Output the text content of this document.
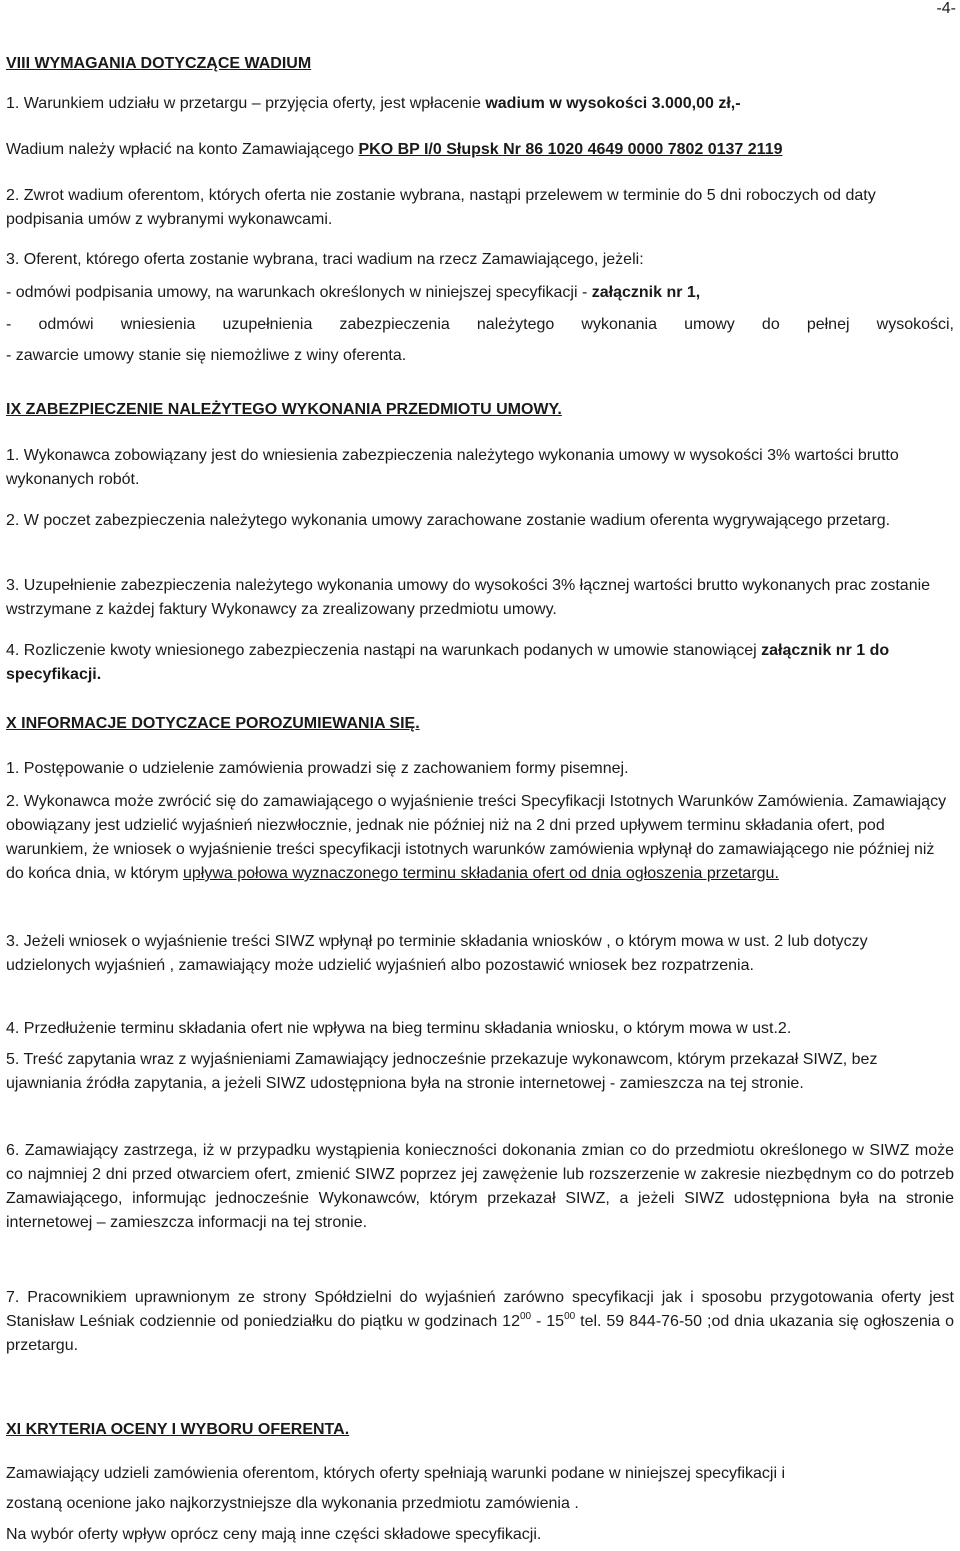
-4-
VIII WYMAGANIA DOTYCZĄCE WADIUM
1. Warunkiem udziału w przetargu – przyjęcia oferty, jest wpłacenie wadium w wysokości 3.000,00 zł,-
Wadium należy wpłacić na konto Zamawiającego PKO BP I/0 Słupsk Nr 86 1020 4649 0000 7802 0137 2119
2. Zwrot wadium oferentom, których oferta nie zostanie wybrana, nastąpi przelewem w terminie do 5 dni roboczych od daty podpisania umów z wybranymi wykonawcami.
3. Oferent, którego oferta zostanie wybrana, traci wadium na rzecz Zamawiającego, jeżeli:
- odmówi podpisania umowy, na warunkach określonych w niniejszej specyfikacji - załącznik nr 1,
- odmówi wniesienia uzupełnienia zabezpieczenia należytego wykonania umowy do pełnej wysokości,
- zawarcie umowy stanie się niemożliwe z winy oferenta.
IX ZABEZPIECZENIE NALEŻYTEGO WYKONANIA PRZEDMIOTU UMOWY.
1. Wykonawca zobowiązany jest do wniesienia zabezpieczenia należytego wykonania umowy w wysokości 3% wartości brutto wykonanych robót.
2. W poczet zabezpieczenia należytego wykonania umowy zarachowane zostanie wadium oferenta wygrywającego przetarg.
3. Uzupełnienie zabezpieczenia należytego wykonania umowy do wysokości 3% łącznej wartości brutto wykonanych prac zostanie wstrzymane z każdej faktury Wykonawcy za zrealizowany przedmiotu umowy.
4. Rozliczenie kwoty wniesionego zabezpieczenia nastąpi na warunkach podanych w umowie stanowiącej załącznik nr 1 do specyfikacji.
X INFORMACJE DOTYCZACE POROZUMIEWANIA SIĘ.
1. Postępowanie o udzielenie zamówienia prowadzi się z zachowaniem formy pisemnej.
2. Wykonawca może zwrócić się do zamawiającego o wyjaśnienie treści Specyfikacji Istotnych Warunków Zamówienia. Zamawiający obowiązany jest udzielić wyjaśnień niezwłocznie, jednak nie później niż na 2 dni przed upływem terminu składania ofert, pod warunkiem, że wniosek o wyjaśnienie treści specyfikacji istotnych warunków zamówienia wpłynął do zamawiającego nie później niż do końca dnia, w którym upływa połowa wyznaczonego terminu składania ofert od dnia ogłoszenia przetargu.
3. Jeżeli wniosek o wyjaśnienie treści SIWZ wpłynął po terminie składania wniosków , o którym mowa w ust. 2 lub dotyczy udzielonych wyjaśnień , zamawiający może udzielić wyjaśnień albo pozostawić wniosek bez rozpatrzenia.
4. Przedłużenie terminu składania ofert nie wpływa na bieg terminu składania wniosku, o którym mowa w ust.2.
5. Treść zapytania wraz z wyjaśnieniami Zamawiający jednocześnie przekazuje wykonawcom, którym przekazał SIWZ, bez ujawniania źródła zapytania, a jeżeli SIWZ udostępniona była na stronie internetowej - zamieszcza na tej stronie.
6. Zamawiający zastrzega, iż w przypadku wystąpienia konieczności dokonania zmian co do przedmiotu określonego w SIWZ może co najmniej 2 dni przed otwarciem ofert, zmienić SIWZ poprzez jej zawężenie lub rozszerzenie w zakresie niezbędnym co do potrzeb Zamawiającego, informując jednocześnie Wykonawców, którym przekazał SIWZ, a jeżeli SIWZ udostępniona była na stronie internetowej – zamieszcza informacji na tej stronie.
7. Pracownikiem uprawnionym ze strony Spółdzielni do wyjaśnień zarówno specyfikacji jak i sposobu przygotowania oferty jest Stanisław Leśniak codziennie od poniedziałku do piątku w godzinach $12^{00} - 15^{00}$ tel. 59 844-76-50 ;od dnia ukazania się ogłoszenia o przetargu.
XI KRYTERIA OCENY I WYBORU OFERENTA.
Zamawiający udzieli zamówienia oferentom, których oferty spełniają warunki podane w niniejszej specyfikacji i
zostaną ocenione jako najkorzystniejsze dla wykonania przedmiotu zamówienia .
Na wybór oferty wpływ oprócz ceny mają inne części składowe specyfikacji.
